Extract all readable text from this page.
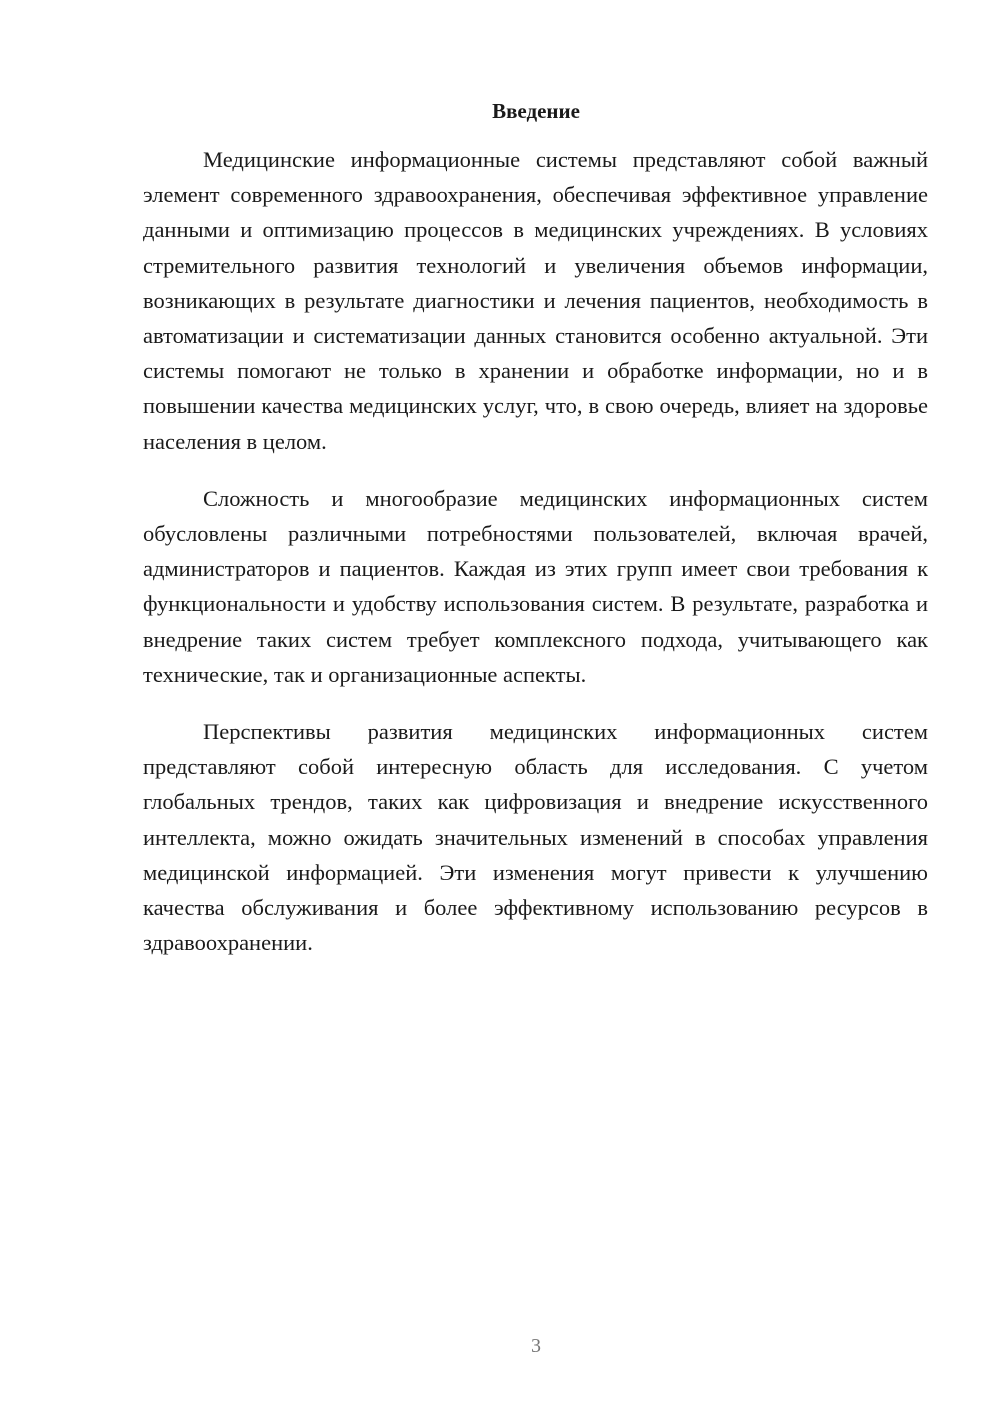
Введение

Медицинские информационные системы представляют собой важный элемент современного здравоохранения, обеспечивая эффективное управление данными и оптимизацию процессов в медицинских учреждениях. В условиях стремительного развития технологий и увеличения объемов информации, возникающих в результате диагностики и лечения пациентов, необходимость в автоматизации и систематизации данных становится особенно актуальной. Эти системы помогают не только в хранении и обработке информации, но и в повышении качества медицинских услуг, что, в свою очередь, влияет на здоровье населения в целом.

Сложность и многообразие медицинских информационных систем обусловлены различными потребностями пользователей, включая врачей, администраторов и пациентов. Каждая из этих групп имеет свои требования к функциональности и удобству использования систем. В результате, разработка и внедрение таких систем требует комплексного подхода, учитывающего как технические, так и организационные аспекты.

Перспективы развития медицинских информационных систем представляют собой интересную область для исследования. С учетом глобальных трендов, таких как цифровизация и внедрение искусственного интеллекта, можно ожидать значительных изменений в способах управления медицинской информацией. Эти изменения могут привести к улучшению качества обслуживания и более эффективному использованию ресурсов в здравоохранении.

3
